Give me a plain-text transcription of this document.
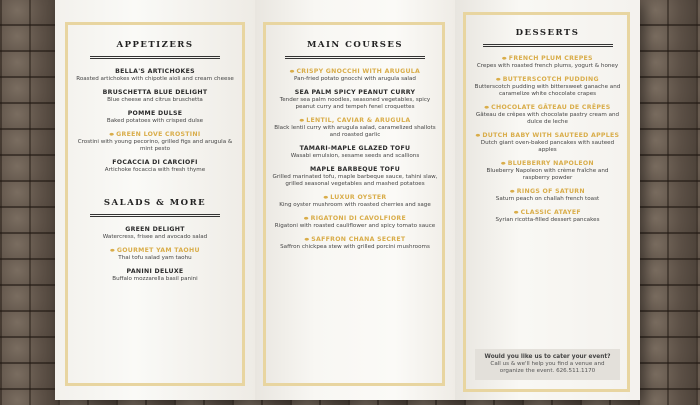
APPETIZERS
BELLA'S ARTICHOKES
Roasted artichokes with chipotle aioli and cream cheese
BRUSCHETTA BLUE DELIGHT
Blue cheese and citrus bruschetta
POMME DULSE
Baked potatoes with crisped dulse
⬬ GREEN LOVE CROSTINI
Crostini with young pecorino, grilled figs and arugula & mint pesto
FOCACCIA DI CARCIOFI
Artichoke focaccia with fresh thyme
SALADS & MORE
GREEN DELIGHT
Watercress, frisee and avocado salad
⬬ GOURMET YAM TAOHU
Thai tofu salad yam taohu
PANINI DELUXE
Buffalo mozzarella basil panini
MAIN COURSES
⬬ CRISPY GNOCCHI WITH ARUGULA
Pan-fried potato gnocchi with arugula salad
SEA PALM SPICY PEANUT CURRY
Tender sea palm noodles, seasoned vegetables, spicy peanut curry and tempeh fenel croquettes
⬬ LENTIL, CAVIAR & ARUGULA
Black lentil curry with arugula salad, caramelized shallots and roasted garlic
TAMARI-MAPLE GLAZED TOFU
Wasabi emulsion, sesame seeds and scallions
MAPLE BARBEQUE TOFU
Grilled marinated tofu, maple barbeque sauce, tahini slaw, grilled seasonal vegetables and mashed potatoes
⬬ LUXUR OYSTER
King oyster mushroom with roasted cherries and sage
⬬ RIGATONI DI CAVOLFIORE
Rigatoni with roasted cauliflower and spicy tomato sauce
⬬ SAFFRON CHANA SECRET
Saffron chickpea stew with grilled porcini mushrooms
DESSERTS
⬬ FRENCH PLUM CREPES
Crepes with roasted french plums, yogurt & honey
⬬ BUTTERSCOTCH PUDDING
Butterscotch pudding with bittersweet ganache and caramelize white chocolate crapes
⬬ CHOCOLATE GÂTEAU DE CRÊPES
Gâteau de crêpes with chocolate pastry cream and dulce de leche
⬬ DUTCH BABY WITH SAUTEED APPLES
Dutch giant oven-baked pancakes with sauteed apples
⬬ BLUEBERRY NAPOLEON
Blueberry Napoleon with crème fraîche and raspberry powder
⬬ RINGS OF SATURN
Saturn peach on challah french toast
⬬ CLASSIC ATAYEF
Syrian ricotta-filled dessert pancakes
Would you like us to cater your event?
Call us & we'll help you find a venue and organize the event. 626.511.1170
